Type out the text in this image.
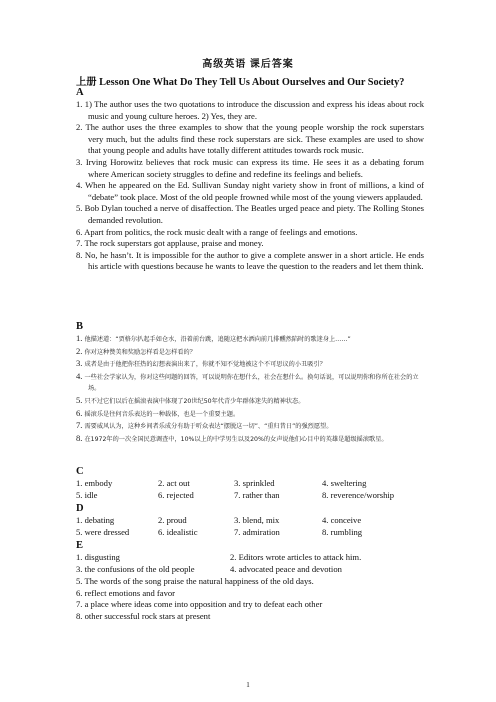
高级英语 课后答案
上册 Lesson One What Do They Tell Us About Ourselves and Our Society?
A

1. 1) The author uses the two quotations to introduce the discussion and express his ideas about rock music and young culture heroes. 2) Yes, they are.

2. The author uses the three examples to show that the young people worship the rock superstars very much, but the adults find these rock superstars are sick. These examples are used to show that young people and adults have totally different attitudes towards rock music.

3. Irving Horowitz believes that rock music can express its time. He sees it as a debating forum where American society struggles to define and redefine its feelings and beliefs.

4. When he appeared on the Ed. Sullivan Sunday night variety show in front of millions, a kind of “debate” took place. Most of the old people frowned while most of the young viewers applauded.

5. Bob Dylan touched a nerve of disaffection. The Beatles urged peace and piety. The Rolling Stones demanded revolution.

6. Apart from politics, the rock music dealt with a range of feelings and emotions.

7. The rock superstars got applause, praise and money.

8. No, he hasn’t. It is impossible for the author to give a complete answer in a short article. He ends his article with questions because he wants to leave the question to the readers and let them think.

B

1. 他描述道：“贾格尔扒起手如仓水，沿着前台跳，追随这把水洒向前几排醺然陷时的歌迷身上……”

2. 你对这种赞美和奖励怎样看是怎样看的？

3. 成者是由于他把你狂热的幻想表演出来了，你就不知不觉地被这个不可思议的小丑吸引？

4. 一些社会学家认为，你对这些问题的回答，可以说明你在想什么，社会在想什么。换句话说，可以说明你和你所在社会的立场。

5. 只不过它们以后在摇滚表演中体现了20世纪50年代青少年群体迷失的精神状态。

6. 摇滚乐是往何音乐表达的一种载体，也是一个重要主题。

7. 需要威风认为，这种乡间者乐成分有助于听众表达“摆脱这一切”、“重归昔日”的强烈愿望。

8. 在1972年的一次全国民意调查中，10%以上的中学男生以及20%的女声说他们心目中的英雄是超级摇滚歌星。

C
1. embody	2. act out	3. sprinkled	4. sweltering
5. idle	6. rejected	7. rather than	8. reverence/worship
D
1. debating	2. proud	3. blend, mix	4. conceive
5. were dressed	6. idealistic	7. admiration	8. rumbling
E
1. disgusting	2. Editors wrote articles to attack him.
3. the confusions of the old people	4. advocated peace and devotion

5. The words of the song praise the natural happiness of the old days.

6. reflect emotions and favor

7. a place where ideas come into opposition and try to defeat each other

8. other successful rock stars at present

1
